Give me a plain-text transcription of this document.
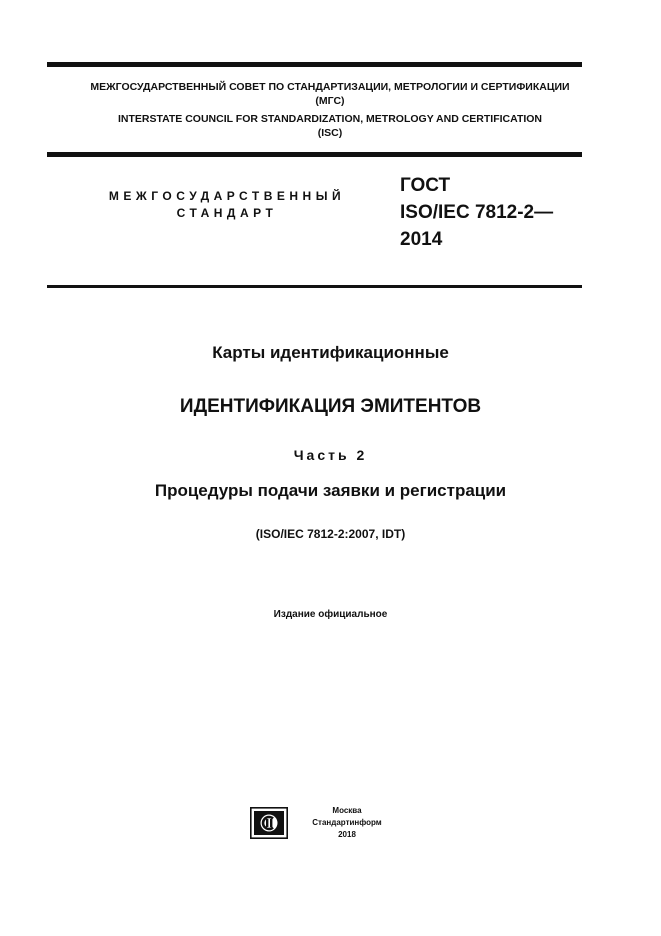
МЕЖГОСУДАРСТВЕННЫЙ СОВЕТ ПО СТАНДАРТИЗАЦИИ, МЕТРОЛОГИИ И СЕРТИФИКАЦИИ
(МГС)
INTERSTATE COUNCIL FOR STANDARDIZATION, METROLOGY AND CERTIFICATION
(ISC)
МЕЖГОСУДАРСТВЕННЫЙ
СТАНДАРТ
ГОСТ
ISO/IEC 7812-2—
2014
Карты идентификационные
ИДЕНТИФИКАЦИЯ ЭМИТЕНТОВ
Часть 2
Процедуры подачи заявки и регистрации
(ISO/IEC 7812-2:2007, IDT)
Издание официальное
Москва
Стандартинформ
2018
